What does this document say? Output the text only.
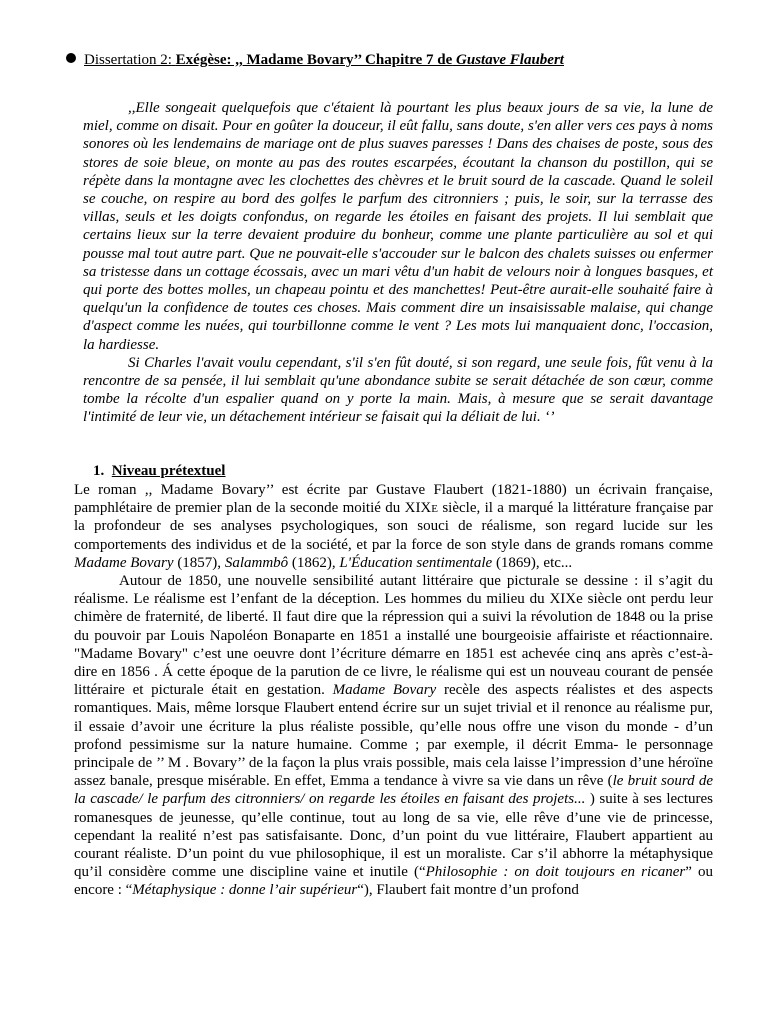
Dissertation 2: Exégèse: ,, Madame Bovary’’ Chapitre 7 de Gustave Flaubert

,,Elle songeait quelquefois que c'étaient là pourtant les plus beaux jours de sa vie, la lune de miel, comme on disait. Pour en goûter la douceur, il eût fallu, sans doute, s'en aller vers ces pays à noms sonores où les lendemains de mariage ont de plus suaves paresses ! Dans des chaises de poste, sous des stores de soie bleue, on monte au pas des routes escarpées, écoutant la chanson du postillon, qui se répète dans la montagne avec les clochettes des chèvres et le bruit sourd de la cascade. Quand le soleil se couche, on respire au bord des golfes le parfum des citronniers ; puis, le soir, sur la terrasse des villas, seuls et les doigts confondus, on regarde les étoiles en faisant des projets. Il lui semblait que certains lieux sur la terre devaient produire du bonheur, comme une plante particulière au sol et qui pousse mal tout autre part. Que ne pouvait-elle s'accouder sur le balcon des chalets suisses ou enfermer sa tristesse dans un cottage écossais, avec un mari vêtu d'un habit de velours noir à longues basques, et qui porte des bottes molles, un chapeau pointu et des manchettes! Peut-être aurait-elle souhaité faire à quelqu'un la confidence de toutes ces choses. Mais comment dire un insaisissable malaise, qui change d'aspect comme les nuées, qui tourbillonne comme le vent ? Les mots lui manquaient donc, l'occasion, la hardiesse.

Si Charles l'avait voulu cependant, s'il s'en fût douté, si son regard, une seule fois, fût venu à la rencontre de sa pensée, il lui semblait qu'une abondance subite se serait détachée de son cœur, comme tombe la récolte d'un espalier quand on y porte la main. Mais, à mesure que se serait davantage l'intimité de leur vie, un détachement intérieur se faisait qui la déliait de lui. ‘’

1. Niveau prétextuel

Le roman ,, Madame Bovary’’ est écrite par Gustave Flaubert (1821-1880) un écrivain française, pamphlétaire de premier plan de la seconde moitié du XIXe siècle, il a marqué la littérature française par la profondeur de ses analyses psychologiques, son souci de réalisme, son regard lucide sur les comportements des individus et de la société, et par la force de son style dans de grands romans comme Madame Bovary (1857), Salammbô (1862), L'Éducation sentimentale (1869), etc...

Autour de 1850, une nouvelle sensibilité autant littéraire que picturale se dessine : il s’agit du réalisme. Le réalisme est l’enfant de la déception. Les hommes du milieu du XIXe siècle ont perdu leur chimère de fraternité, de liberté. Il faut dire que la répression qui a suivi la révolution de 1848 ou la prise du pouvoir par Louis Napoléon Bonaparte en 1851 a installé une bourgeoisie affairiste et réactionnaire. "Madame Bovary" c’est une oeuvre dont l’écriture démarre en 1851 est achevée cinq ans après c’est-à-dire en 1856 . Á cette époque de la parution de ce livre, le réalisme qui est un nouveau courant de pensée littéraire et picturale était en gestation. Madame Bovary recèle des aspects réalistes et des aspects romantiques. Mais, même lorsque Flaubert entend écrire sur un sujet trivial et il renonce au réalisme pur, il essaie d’avoir une écriture la plus réaliste possible, qu’elle nous offre une vison du monde - d’un profond pessimisme sur la nature humaine. Comme ; par exemple, il décrit Emma- le personnage principale de ’’ M . Bovary’’ de la façon la plus vrais possible, mais cela laisse l’impression d’une héroïne assez banale, presque misérable. En effet, Emma a tendance à vivre sa vie dans un rêve (le bruit sourd de la cascade/ le parfum des citronniers/ on regarde les étoiles en faisant des projets... ) suite à ses lectures romanesques de jeunesse, qu’elle continue, tout au long de sa vie, elle rêve d’une vie de princesse, cependant la realité n’est pas satisfaisante. Donc, d’un point du vue littéraire, Flaubert appartient au courant réaliste. D’un point du vue philosophique, il est un moraliste. Car s’il abhorre la métaphysique qu’il considère comme une discipline vaine et inutile (“Philosophie : on doit toujours en ricaner” ou encore : “Métaphysique : donne l’air supérieur“), Flaubert fait montre d’un profond
